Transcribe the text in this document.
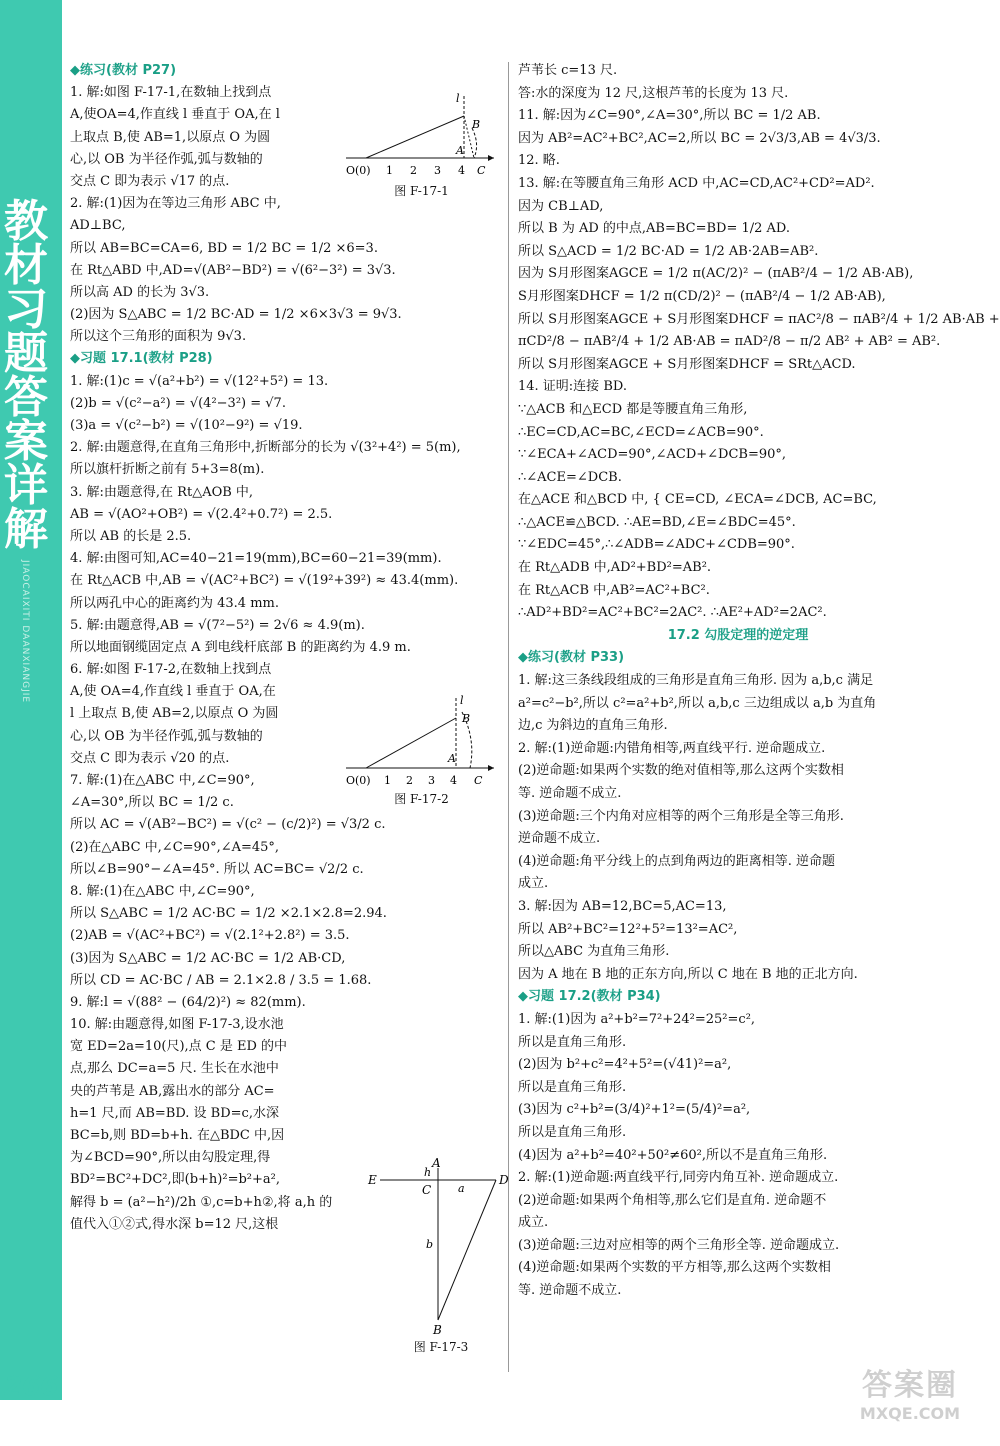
教材习题答案详解
JIAOCAIXITI DAANXIANGJIE
266
◆练习(教材 P27)
1. 解:如图 F-17-1,在数轴上找到点
A,使OA=4,作直线 l 垂直于 OA,在 l
上取点 B,使 AB=1,以原点 O 为圆
心,以 OB 为半径作弧,弧与数轴的
交点 C 即为表示 √17 的点.
2. 解:(1)因为在等边三角形 ABC 中,
AD⊥BC,
所以 AB=BC=CA=6, BD = 1/2 BC = 1/2 ×6=3.
在 Rt△ABD 中,AD=√(AB²−BD²) = √(6²−3²) = 3√3.
所以高 AD 的长为 3√3.
(2)因为 S△ABC = 1/2 BC·AD = 1/2 ×6×3√3 = 9√3.
所以这个三角形的面积为 9√3.
◆习题 17.1(教材 P28)
1. 解:(1)c = √(a²+b²) = √(12²+5²) = 13.
(2)b = √(c²−a²) = √(4²−3²) = √7.
(3)a = √(c²−b²) = √(10²−9²) = √19.
2. 解:由题意得,在直角三角形中,折断部分的长为 √(3²+4²) = 5(m),
所以旗杆折断之前有 5+3=8(m).
3. 解:由题意得,在 Rt△AOB 中,
AB = √(AO²+OB²) = √(2.4²+0.7²) = 2.5.
所以 AB 的长是 2.5.
4. 解:由图可知,AC=40−21=19(mm),BC=60−21=39(mm).
在 Rt△ACB 中,AB = √(AC²+BC²) = √(19²+39²) ≈ 43.4(mm).
所以两孔中心的距离约为 43.4 mm.
5. 解:由题意得,AB = √(7²−5²) = 2√6 ≈ 4.9(m).
所以地面钢缆固定点 A 到电线杆底部 B 的距离约为 4.9 m.
6. 解:如图 F-17-2,在数轴上找到点
A,使 OA=4,作直线 l 垂直于 OA,在
l 上取点 B,使 AB=2,以原点 O 为圆
心,以 OB 为半径作弧,弧与数轴的
交点 C 即为表示 √20 的点.
7. 解:(1)在△ABC 中,∠C=90°,
∠A=30°,所以 BC = 1/2 c.
所以 AC = √(AB²−BC²) = √(c² − (c/2)²) = √3/2 c.
(2)在△ABC 中,∠C=90°,∠A=45°,
所以∠B=90°−∠A=45°. 所以 AC=BC= √2/2 c.
8. 解:(1)在△ABC 中,∠C=90°,
所以 S△ABC = 1/2 AC·BC = 1/2 ×2.1×2.8=2.94.
(2)AB = √(AC²+BC²) = √(2.1²+2.8²) = 3.5.
(3)因为 S△ABC = 1/2 AC·BC = 1/2 AB·CD,
所以 CD = AC·BC / AB = 2.1×2.8 / 3.5 = 1.68.
9. 解:l = √(88² − (64/2)²) ≈ 82(mm).
10. 解:由题意得,如图 F-17-3,设水池
宽 ED=2a=10(尺),点 C 是 ED 的中
点,那么 DC=a=5 尺. 生长在水池中
央的芦苇是 AB,露出水的部分 AC=
h=1 尺,而 AB=BD. 设 BD=c,水深
BC=b,则 BD=b+h. 在△BDC 中,因
为∠BCD=90°,所以由勾股定理,得
BD²=BC²+DC²,即(b+h)²=b²+a²,
解得 b = (a²−h²)/2h ①,c=b+h②,将 a,h 的
值代入①②式,得水深 b=12 尺,这根
芦苇长 c=13 尺.
答:水的深度为 12 尺,这根芦苇的长度为 13 尺.
11. 解:因为∠C=90°,∠A=30°,所以 BC = 1/2 AB.
因为 AB²=AC²+BC²,AC=2,所以 BC = 2√3/3,AB = 4√3/3.
12. 略.
13. 解:在等腰直角三角形 ACD 中,AC=CD,AC²+CD²=AD².
因为 CB⊥AD,
所以 B 为 AD 的中点,AB=BC=BD= 1/2 AD.
所以 S△ACD = 1/2 BC·AD = 1/2 AB·2AB=AB².
因为 S月形图案AGCE = 1/2 π(AC/2)² − (πAB²/4 − 1/2 AB·AB),
S月形图案DHCF = 1/2 π(CD/2)² − (πAB²/4 − 1/2 AB·AB),
所以 S月形图案AGCE + S月形图案DHCF = πAC²/8 − πAB²/4 + 1/2 AB·AB +
πCD²/8 − πAB²/4 + 1/2 AB·AB = πAD²/8 − π/2 AB² + AB² = AB².
所以 S月形图案AGCE + S月形图案DHCF = SRt△ACD.
14. 证明:连接 BD.
∵△ACB 和△ECD 都是等腰直角三角形,
∴EC=CD,AC=BC,∠ECD=∠ACB=90°.
∵∠ECA+∠ACD=90°,∠ACD+∠DCB=90°,
∴∠ACE=∠DCB.
在△ACE 和△BCD 中, { CE=CD, ∠ECA=∠DCB, AC=BC,
∴△ACE≌△BCD. ∴AE=BD,∠E=∠BDC=45°.
∵∠EDC=45°,∴∠ADB=∠ADC+∠CDB=90°.
在 Rt△ADB 中,AD²+BD²=AB².
在 Rt△ACB 中,AB²=AC²+BC².
∴AD²+BD²=AC²+BC²=2AC². ∴AE²+AD²=2AC².
17.2 勾股定理的逆定理
◆练习(教材 P33)
1. 解:这三条线段组成的三角形是直角三角形. 因为 a,b,c 满足
a²=c²−b²,所以 c²=a²+b²,所以 a,b,c 三边组成以 a,b 为直角
边,c 为斜边的直角三角形.
2. 解:(1)逆命题:内错角相等,两直线平行. 逆命题成立.
(2)逆命题:如果两个实数的绝对值相等,那么这两个实数相
等. 逆命题不成立.
(3)逆命题:三个内角对应相等的两个三角形是全等三角形.
逆命题不成立.
(4)逆命题:角平分线上的点到角两边的距离相等. 逆命题
成立.
3. 解:因为 AB=12,BC=5,AC=13,
所以 AB²+BC²=12²+5²=13²=AC²,
所以△ABC 为直角三角形.
因为 A 地在 B 地的正东方向,所以 C 地在 B 地的正北方向.
◆习题 17.2(教材 P34)
1. 解:(1)因为 a²+b²=7²+24²=25²=c²,
所以是直角三角形.
(2)因为 b²+c²=4²+5²=(√41)²=a²,
所以是直角三角形.
(3)因为 c²+b²=(3/4)²+1²=(5/4)²=a²,
所以是直角三角形.
(4)因为 a²+b²=40²+50²≠60²,所以不是直角三角形.
2. 解:(1)逆命题:两直线平行,同旁内角互补. 逆命题成立.
(2)逆命题:如果两个角相等,那么它们是直角. 逆命题不
成立.
(3)逆命题:三边对应相等的两个三角形全等. 逆命题成立.
(4)逆命题:如果两个实数的平方相等,那么这两个实数相
等. 逆命题不成立.
O(0) 1 2 3 4
A
C
B
l
图 F-17-1
O(0) 1 2 3 4
A
C
B
l
图 F-17-2
E
A
h
C a
D
b
B
图 F-17-3
答案圈
MXQE.COM
